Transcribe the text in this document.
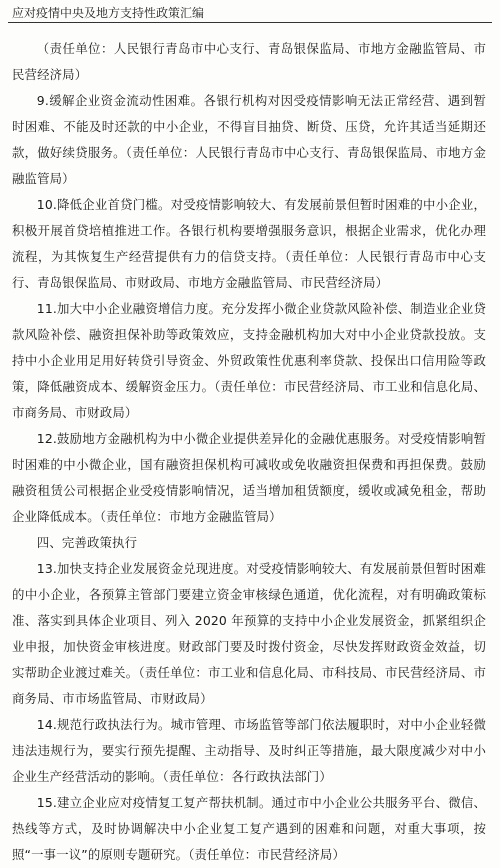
应对疫情中央及地方支持性政策汇编

（责任单位：人民银行青岛市中心支行、青岛银保监局、市地方金融监管局、市民营经济局）

9.缓解企业资金流动性困难。各银行机构对因受疫情影响无法正常经营、遇到暂时困难、不能及时还款的中小企业，不得盲目抽贷、断贷、压贷，允许其适当延期还款，做好续贷服务。（责任单位：人民银行青岛市中心支行、青岛银保监局、市地方金融监管局）

10.降低企业首贷门槛。对受疫情影响较大、有发展前景但暂时困难的中小企业，积极开展首贷培植推进工作。各银行机构要增强服务意识，根据企业需求，优化办理流程，为其恢复生产经营提供有力的信贷支持。（责任单位：人民银行青岛市中心支行、青岛银保监局、市财政局、市地方金融监管局、市民营经济局）

11.加大中小企业融资增信力度。充分发挥小微企业贷款风险补偿、制造业企业贷款风险补偿、融资担保补助等政策效应，支持金融机构加大对中小企业贷款投放。支持中小企业用足用好转贷引导资金、外贸政策性优惠利率贷款、投保出口信用险等政策，降低融资成本、缓解资金压力。（责任单位：市民营经济局、市工业和信息化局、市商务局、市财政局）

12.鼓励地方金融机构为中小微企业提供差异化的金融优惠服务。对受疫情影响暂时困难的中小微企业，国有融资担保机构可减收或免收融资担保费和再担保费。鼓励融资租赁公司根据企业受疫情影响情况，适当增加租赁额度，缓收或减免租金，帮助企业降低成本。（责任单位：市地方金融监管局）

四、完善政策执行

13.加快支持企业发展资金兑现进度。对受疫情影响较大、有发展前景但暂时困难的中小企业，各预算主管部门要建立资金审核绿色通道，优化流程，对有明确政策标准、落实到具体企业项目、列入 2020 年预算的支持中小企业发展资金，抓紧组织企业申报，加快资金审核进度。财政部门要及时拨付资金，尽快发挥财政资金效益，切实帮助企业渡过难关。（责任单位：市工业和信息化局、市科技局、市民营经济局、市商务局、市市场监管局、市财政局）

14.规范行政执法行为。城市管理、市场监管等部门依法履职时，对中小企业轻微违法违规行为，要实行预先提醒、主动指导、及时纠正等措施，最大限度减少对中小企业生产经营活动的影响。（责任单位：各行政执法部门）

15.建立企业应对疫情复工复产帮扶机制。通过市中小企业公共服务平台、微信、热线等方式，及时协调解决中小企业复工复产遇到的困难和问题，对重大事项，按照“一事一议”的原则专题研究。（责任单位：市民营经济局）
